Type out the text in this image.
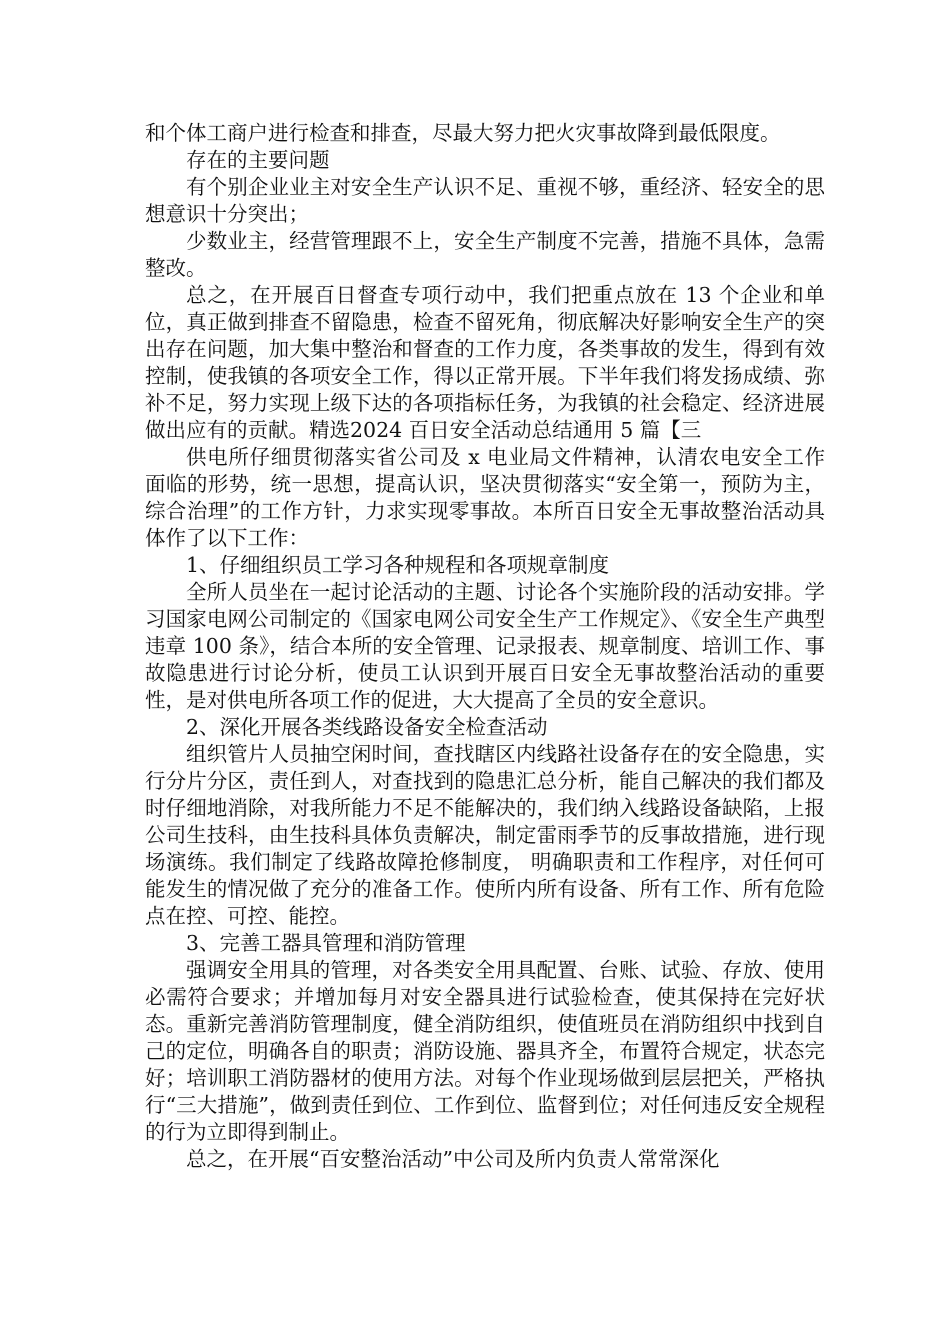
和个体工商户进行检查和排查，尽最大努力把火灾事故降到最低限度。

存在的主要问题

有个别企业业主对安全生产认识不足、重视不够，重经济、轻安全的思想意识十分突出；

少数业主，经营管理跟不上，安全生产制度不完善，措施不具体，急需整改。

总之，在开展百日督查专项行动中，我们把重点放在 13 个企业和单位，真正做到排查不留隐患，检查不留死角，彻底解决好影响安全生产的突出存在问题，加大集中整治和督查的工作力度，各类事故的发生，得到有效控制，使我镇的各项安全工作，得以正常开展。下半年我们将发扬成绩、弥补不足，努力实现上级下达的各项指标任务，为我镇的社会稳定、经济进展做出应有的贡献。精选2024 百日安全活动总结通用 5 篇【三

供电所仔细贯彻落实省公司及 x 电业局文件精神，认清农电安全工作面临的形势，统一思想，提高认识，坚决贯彻落实“安全第一，预防为主，综合治理”的工作方针，力求实现零事故。本所百日安全无事故整治活动具体作了以下工作：

1、仔细组织员工学习各种规程和各项规章制度

全所人员坐在一起讨论活动的主题、讨论各个实施阶段的活动安排。学习国家电网公司制定的《国家电网公司安全生产工作规定》、《安全生产典型违章 100 条》，结合本所的安全管理、记录报表、规章制度、培训工作、事故隐患进行讨论分析，使员工认识到开展百日安全无事故整治活动的重要性，是对供电所各项工作的促进，大大提高了全员的安全意识。

2、深化开展各类线路设备安全检查活动

组织管片人员抽空闲时间，查找瞎区内线路社设备存在的安全隐患，实行分片分区，责任到人，对查找到的隐患汇总分析，能自己解决的我们都及时仔细地消除，对我所能力不足不能解决的，我们纳入线路设备缺陷，上报公司生技科，由生技科具体负责解决，制定雷雨季节的反事故措施，进行现场演练。我们制定了线路故障抢修制度， 明确职责和工作程序，对任何可能发生的情况做了充分的准备工作。使所内所有设备、所有工作、所有危险点在控、可控、能控。

3、完善工器具管理和消防管理

强调安全用具的管理，对各类安全用具配置、台账、试验、存放、使用必需符合要求；并增加每月对安全器具进行试验检查，使其保持在完好状态。重新完善消防管理制度，健全消防组织，使值班员在消防组织中找到自己的定位，明确各自的职责；消防设施、器具齐全，布置符合规定，状态完好；培训职工消防器材的使用方法。对每个作业现场做到层层把关，严格执行“三大措施”，做到责任到位、工作到位、监督到位；对任何违反安全规程的行为立即得到制止。

总之，在开展“百安整治活动”中公司及所内负责人常常深化
